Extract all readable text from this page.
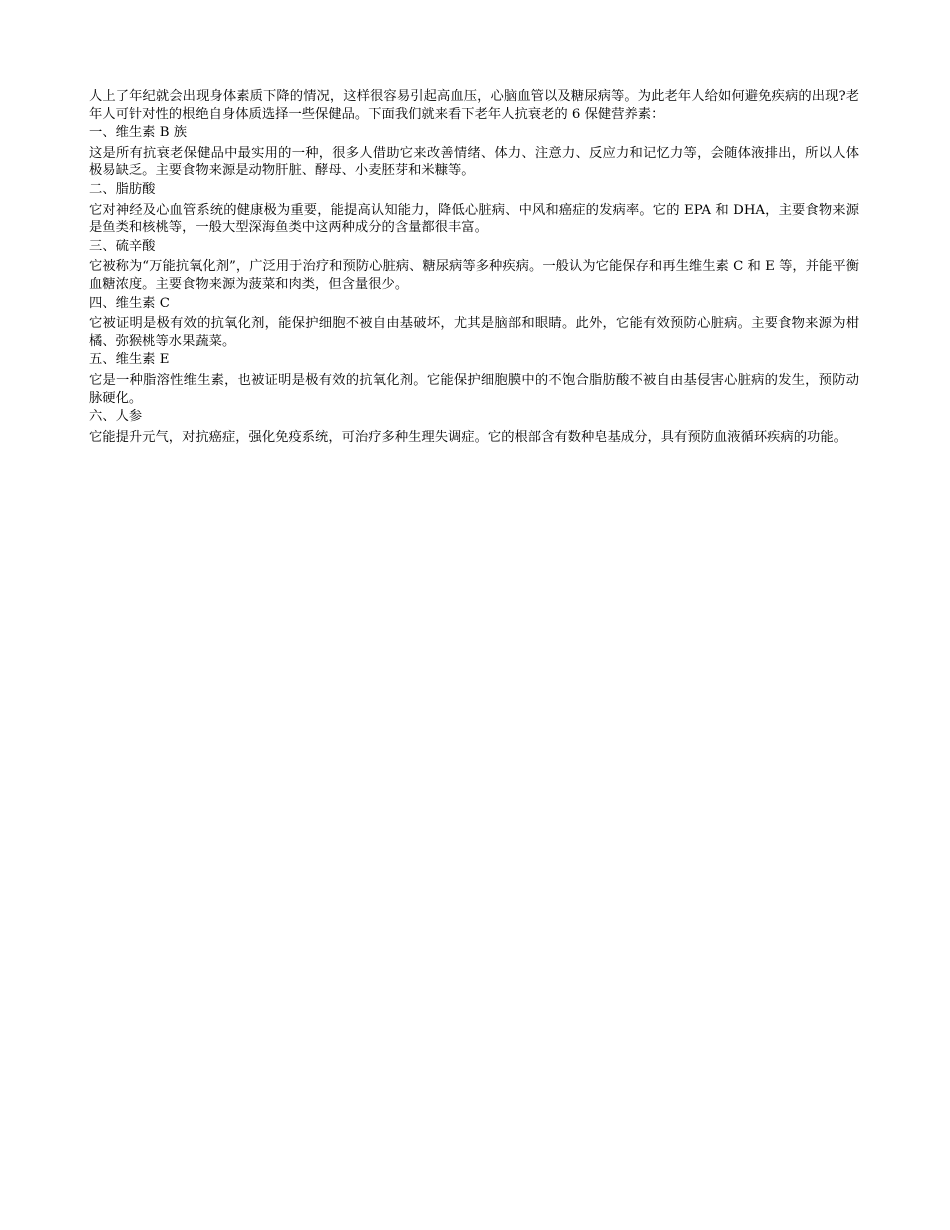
人上了年纪就会出现身体素质下降的情况，这样很容易引起高血压，心脑血管以及糖尿病等。为此老年人给如何避免疾病的出现?老年人可针对性的根绝自身体质选择一些保健品。下面我们就来看下老年人抗衰老的 6 保健营养素：

一、维生素 B 族

这是所有抗衰老保健品中最实用的一种，很多人借助它来改善情绪、体力、注意力、反应力和记忆力等，会随体液排出，所以人体极易缺乏。主要食物来源是动物肝脏、酵母、小麦胚芽和米糠等。

二、脂肪酸

它对神经及心血管系统的健康极为重要，能提高认知能力，降低心脏病、中风和癌症的发病率。它的 EPA 和 DHA，主要食物来源是鱼类和核桃等，一般大型深海鱼类中这两种成分的含量都很丰富。

三、硫辛酸

它被称为“万能抗氧化剂”，广泛用于治疗和预防心脏病、糖尿病等多种疾病。一般认为它能保存和再生维生素 C 和 E 等，并能平衡血糖浓度。主要食物来源为菠菜和肉类，但含量很少。

四、维生素 C

它被证明是极有效的抗氧化剂，能保护细胞不被自由基破坏，尤其是脑部和眼睛。此外，它能有效预防心脏病。主要食物来源为柑橘、弥猴桃等水果蔬菜。

五、维生素 E

它是一种脂溶性维生素，也被证明是极有效的抗氧化剂。它能保护细胞膜中的不饱合脂肪酸不被自由基侵害心脏病的发生，预防动脉硬化。

六、人参

它能提升元气，对抗癌症，强化免疫系统，可治疗多种生理失调症。它的根部含有数种皂基成分，具有预防血液循环疾病的功能。
